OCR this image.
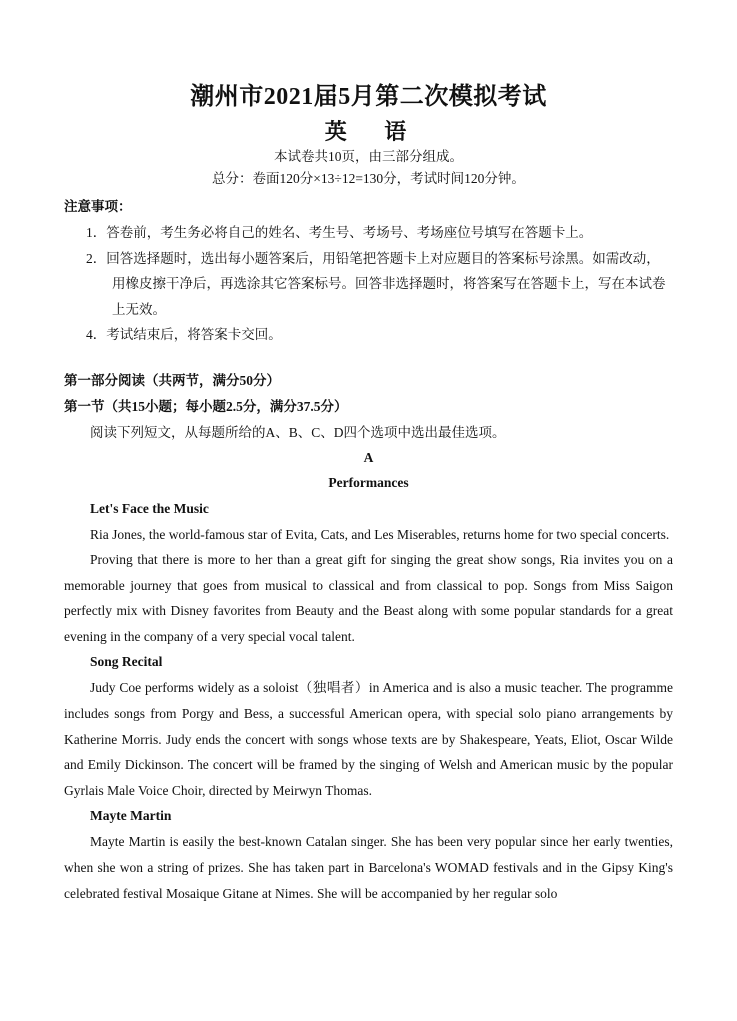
潮州市2021届5月第二次模拟考试
英 语

本试卷共10页，由三部分组成。

总分：卷面120分×13÷12=130分，考试时间120分钟。

注意事项：

1．答卷前，考生务必将自己的姓名、考生号、考场号、考场座位号填写在答题卡上。
2．回答选择题时，选出每小题答案后，用铅笔把答题卡上对应题目的答案标号涂黑。如需改动，用橡皮擦干净后，再选涂其它答案标号。回答非选择题时，将答案写在答题卡上，写在本试卷上无效。
4．考试结束后，将答案卡交回。

第一部分阅读（共两节，满分50分）

第一节（共15小题；每小题2.5分，满分37.5分）

阅读下列短文，从每题所给的A、B、C、D四个选项中选出最佳选项。

A

Performances

Let's Face the Music

Ria Jones, the world-famous star of Evita, Cats, and Les Miserables, returns home for two special concerts.

Proving that there is more to her than a great gift for singing the great show songs, Ria invites you on a memorable journey that goes from musical to classical and from classical to pop. Songs from Miss Saigon perfectly mix with Disney favorites from Beauty and the Beast along with some popular standards for a great evening in the company of a very special vocal talent.

Song Recital

Judy Coe performs widely as a soloist（独唱者）in America and is also a music teacher. The programme includes songs from Porgy and Bess, a successful American opera, with special solo piano arrangements by Katherine Morris. Judy ends the concert with songs whose texts are by Shakespeare, Yeats, Eliot, Oscar Wilde and Emily Dickinson. The concert will be framed by the singing of Welsh and American music by the popular Gyrlais Male Voice Choir, directed by Meirwyn Thomas.

Mayte Martin

Mayte Martin is easily the best-known Catalan singer. She has been very popular since her early twenties, when she won a string of prizes. She has taken part in Barcelona's WOMAD festivals and in the Gipsy King's celebrated festival Mosaique Gitane at Nimes. She will be accompanied by her regular solo
